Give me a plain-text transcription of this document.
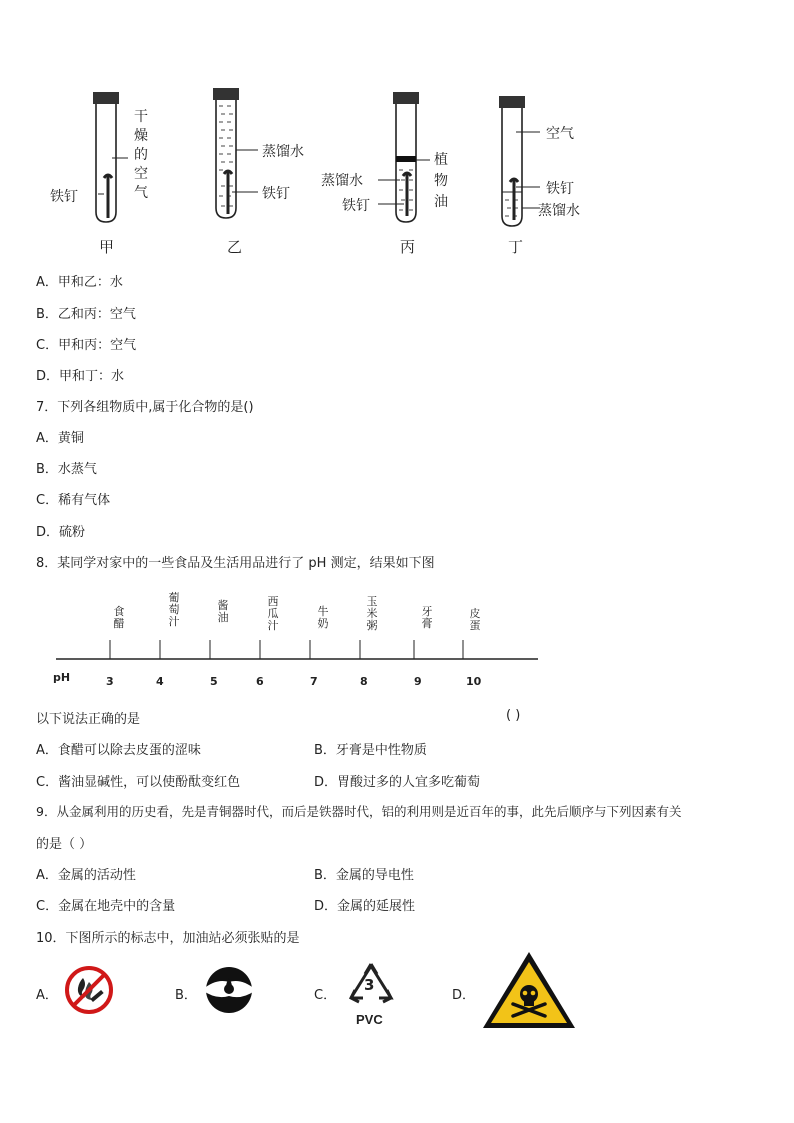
铁钉
干
燥
的
空
气
甲
蒸馏水
铁钉
乙
蒸馏水
铁钉
植
物
油
丙
空气
铁钉
蒸馏水
丁
A．甲和乙：水
B．乙和丙：空气
C．甲和丙：空气
D．甲和丁：水
7．下列各组物质中,属于化合物的是()
A．黄铜
B．水蒸气
C．稀有气体
D．硫粉
8．某同学对家中的一些食品及生活用品进行了 pH 测定，结果如下图
食
醋
葡
萄
汁
酱
油
西
瓜
汁
牛
奶
玉
米
粥
牙
膏
皮
蛋
pH	3	4	5	6	7	8	9	10
以下说法正确的是	( )
A．食醋可以除去皮蛋的涩味	B．牙膏是中性物质
C．酱油显碱性，可以使酚酞变红色	D．胃酸过多的人宜多吃葡萄
9．从金属利用的历史看，先是青铜器时代，而后是铁器时代，铝的利用则是近百年的事，此先后顺序与下列因素有关
的是（ ）
A．金属的活动性	B．金属的导电性
C．金属在地壳中的含量	D．金属的延展性
10．下图所示的标志中，加油站必须张贴的是
A．	B．	C．
3
PVC
D．
